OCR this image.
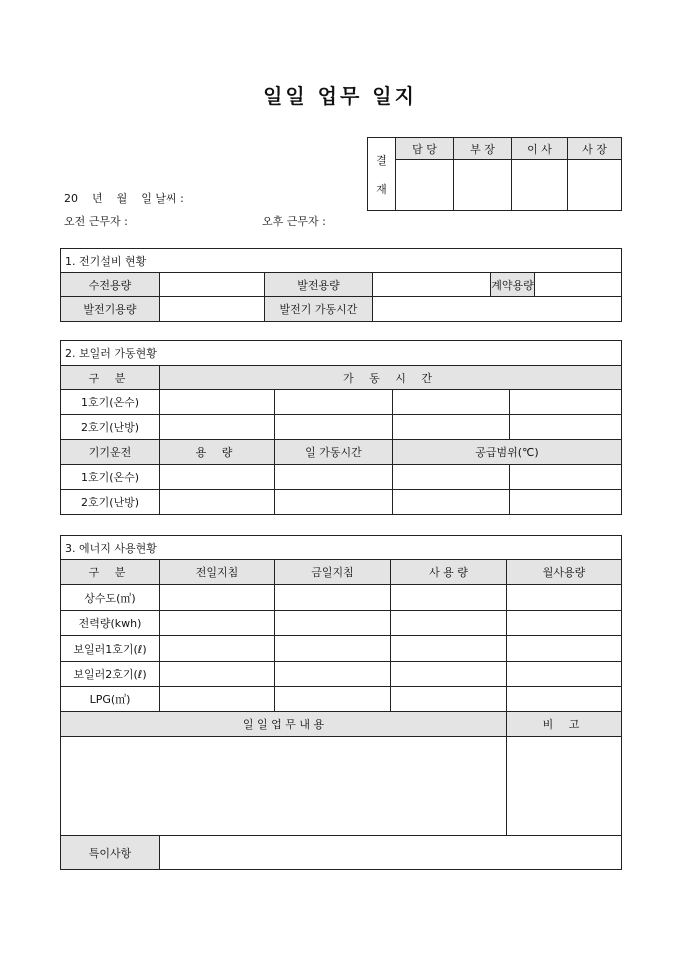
일일 업무 일지
결
재	담 당	부 장	이 사	사 장

20    년    월    일 날씨 :
오전 근무자 :	오후 근무자 :
1. 전기설비 현황					
수전용량		발전용량		계약용량	
발전기용량		발전기 가동시간			
2. 보일러 가동현황				
구 분	가 동 시 간			
1호기(온수)				
2호기(난방)				
기기운전	용 량	일 가동시간	공급범위(℃)	
1호기(온수)				
2호기(난방)				
3. 에너지 사용현황				
구 분	전일지침	금일지침	사 용 량	월사용량
상수도(㎥)				
전력량(kwh)				
보일러1호기(ℓ)				
보일러2호기(ℓ)				
LPG(㎥)				
일 일 업 무 내 용				비 고

특이사항				
